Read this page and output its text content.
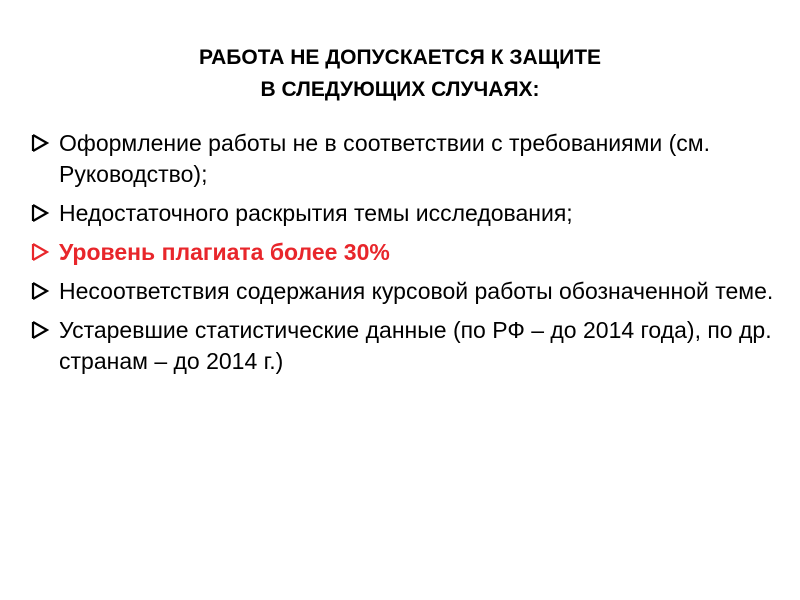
РАБОТА НЕ ДОПУСКАЕТСЯ К ЗАЩИТЕ
В СЛЕДУЮЩИХ СЛУЧАЯХ:
Оформление работы не в соответствии с требованиями (см. Руководство);
Недостаточного раскрытия темы исследования;
Уровень плагиата более 30%
Несоответствия содержания курсовой работы обозначенной теме.
Устаревшие статистические данные (по РФ – до 2014 года), по др. странам – до 2014 г.)
